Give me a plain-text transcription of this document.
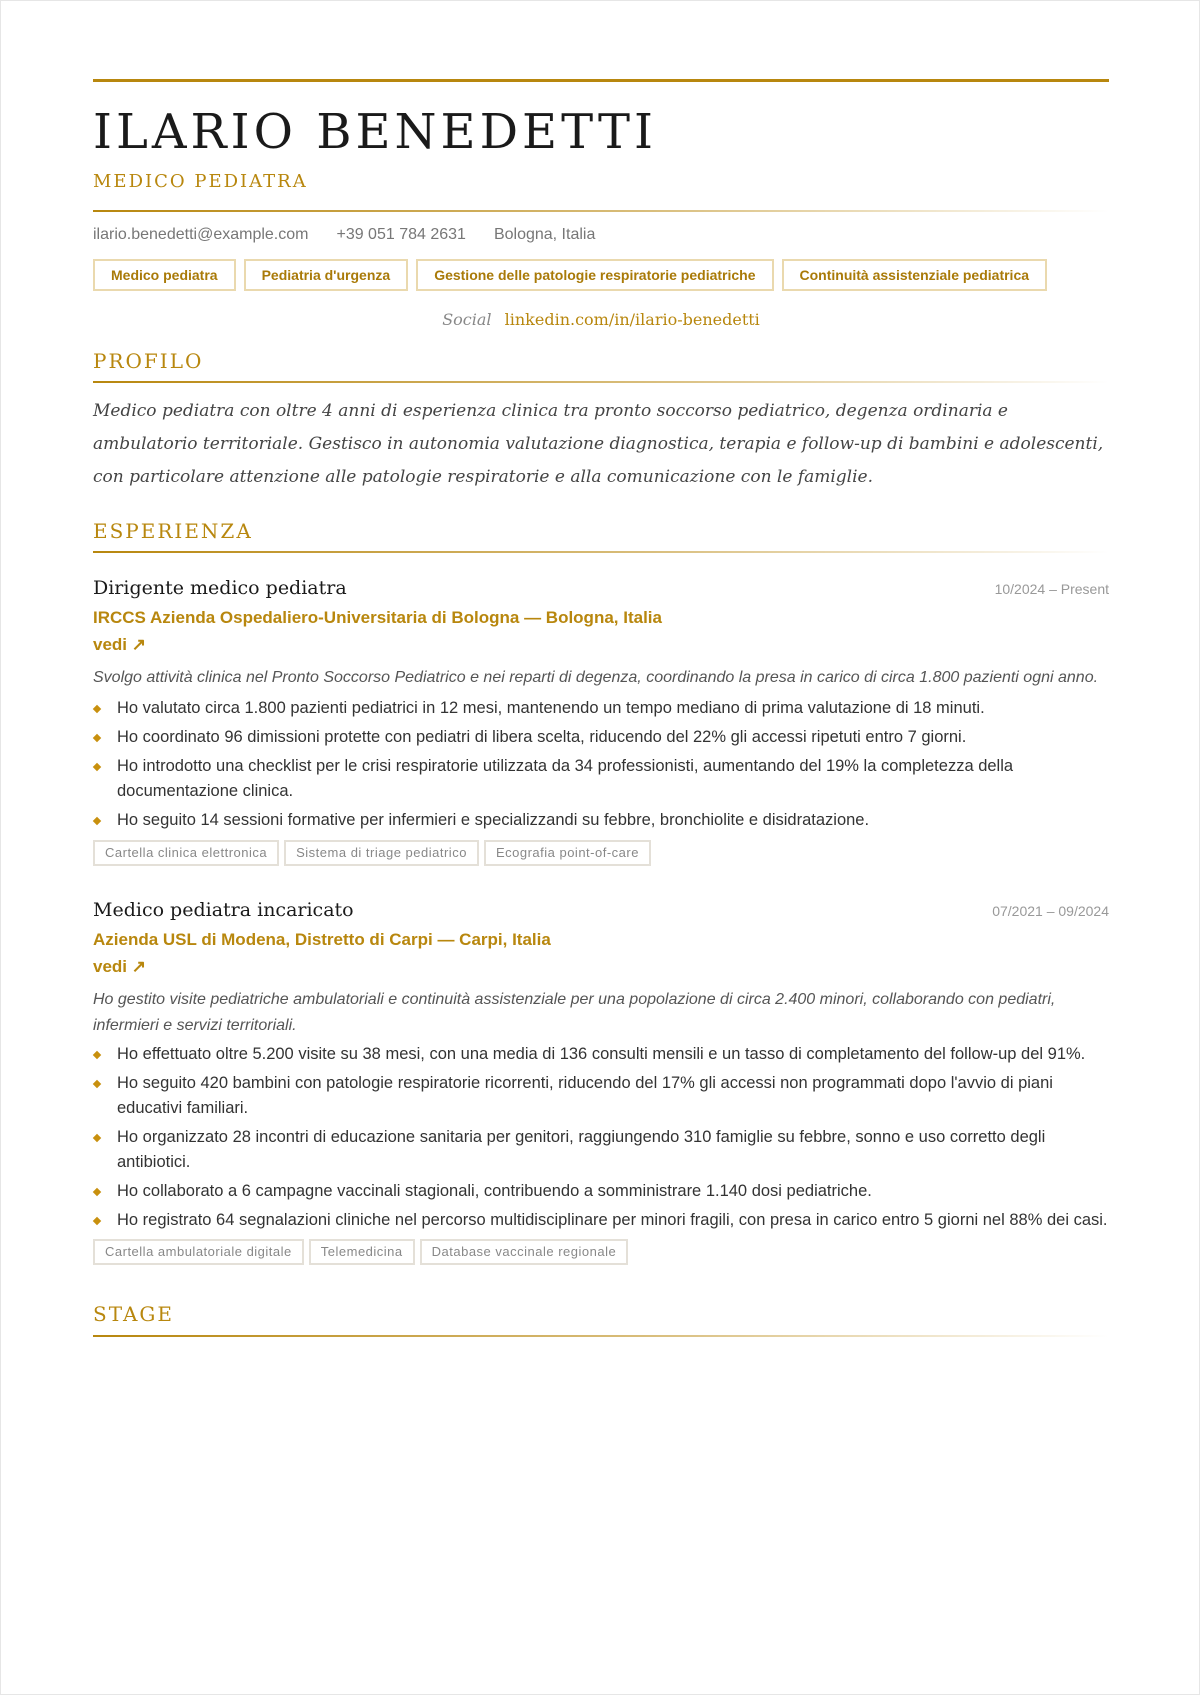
ILARIO BENEDETTI
MEDICO PEDIATRA
ilario.benedetti@example.com +39 051 784 2631 Bologna, Italia
Medico pediatra	Pediatria d'urgenza	Gestione delle patologie respiratorie pediatriche	Continuità assistenziale pediatrica
Social linkedin.com/in/ilario-benedetti
PROFILO
Medico pediatra con oltre 4 anni di esperienza clinica tra pronto soccorso pediatrico, degenza ordinaria e ambulatorio territoriale. Gestisco in autonomia valutazione diagnostica, terapia e follow-up di bambini e adolescenti, con particolare attenzione alle patologie respiratorie e alla comunicazione con le famiglie.
ESPERIENZA
Dirigente medico pediatra	10/2024 – Present
IRCCS Azienda Ospedaliero-Universitaria di Bologna — Bologna, Italia
vedi ↗
Svolgo attività clinica nel Pronto Soccorso Pediatrico e nei reparti di degenza, coordinando la presa in carico di circa 1.800 pazienti ogni anno.
Ho valutato circa 1.800 pazienti pediatrici in 12 mesi, mantenendo un tempo mediano di prima valutazione di 18 minuti.
Ho coordinato 96 dimissioni protette con pediatri di libera scelta, riducendo del 22% gli accessi ripetuti entro 7 giorni.
Ho introdotto una checklist per le crisi respiratorie utilizzata da 34 professionisti, aumentando del 19% la completezza della documentazione clinica.
Ho seguito 14 sessioni formative per infermieri e specializzandi su febbre, bronchiolite e disidratazione.
Cartella clinica elettronica	Sistema di triage pediatrico	Ecografia point-of-care
Medico pediatra incaricato	07/2021 – 09/2024
Azienda USL di Modena, Distretto di Carpi — Carpi, Italia
vedi ↗
Ho gestito visite pediatriche ambulatoriali e continuità assistenziale per una popolazione di circa 2.400 minori, collaborando con pediatri, infermieri e servizi territoriali.
Ho effettuato oltre 5.200 visite su 38 mesi, con una media di 136 consulti mensili e un tasso di completamento del follow-up del 91%.
Ho seguito 420 bambini con patologie respiratorie ricorrenti, riducendo del 17% gli accessi non programmati dopo l'avvio di piani educativi familiari.
Ho organizzato 28 incontri di educazione sanitaria per genitori, raggiungendo 310 famiglie su febbre, sonno e uso corretto degli antibiotici.
Ho collaborato a 6 campagne vaccinali stagionali, contribuendo a somministrare 1.140 dosi pediatriche.
Ho registrato 64 segnalazioni cliniche nel percorso multidisciplinare per minori fragili, con presa in carico entro 5 giorni nel 88% dei casi.
Cartella ambulatoriale digitale	Telemedicina	Database vaccinale regionale
STAGE
